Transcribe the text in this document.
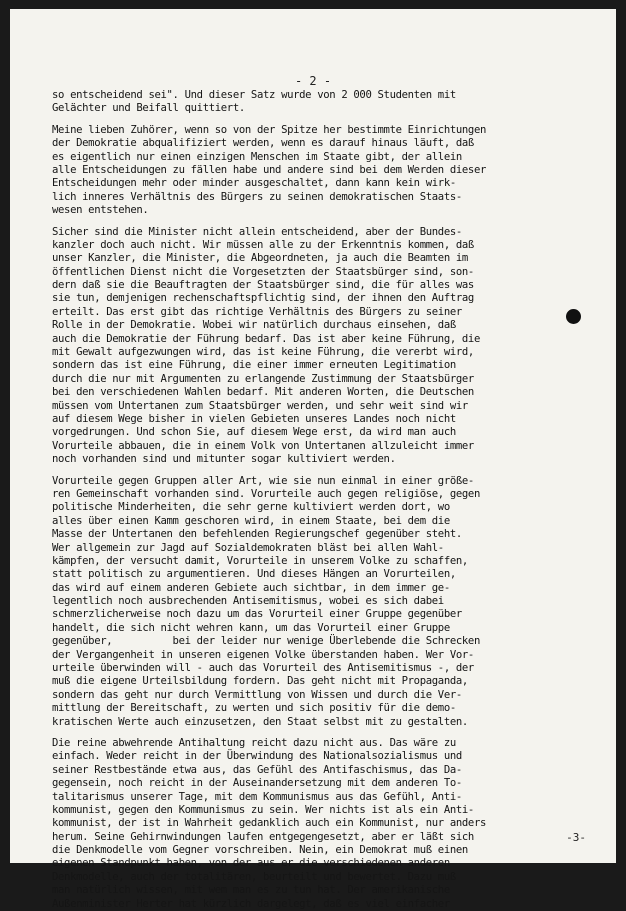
- 2 -

so entscheidend sei". Und dieser Satz wurde von 2 000 Studenten mit

Gelächter und Beifall quittiert.

Meine lieben Zuhörer, wenn so von der Spitze her bestimmte Einrichtungen

der Demokratie abqualifiziert werden, wenn es darauf hinaus läuft, daß

es eigentlich nur einen einzigen Menschen im Staate gibt, der allein

alle Entscheidungen zu fällen habe und andere sind bei dem Werden dieser

Entscheidungen mehr oder minder ausgeschaltet, dann kann kein wirk-

lich inneres Verhältnis des Bürgers zu seinen demokratischen Staats-

wesen entstehen.

Sicher sind die Minister nicht allein entscheidend, aber der Bundes-

kanzler doch auch nicht. Wir müssen alle zu der Erkenntnis kommen, daß

unser Kanzler, die Minister, die Abgeordneten, ja auch die Beamten im

öffentlichen Dienst nicht die Vorgesetzten der Staatsbürger sind, son-

dern daß sie die Beauftragten der Staatsbürger sind, die für alles was

sie tun, demjenigen rechenschaftspflichtig sind, der ihnen den Auftrag

erteilt. Das erst gibt das richtige Verhältnis des Bürgers zu seiner

Rolle in der Demokratie. Wobei wir natürlich durchaus einsehen, daß

auch die Demokratie der Führung bedarf. Das ist aber keine Führung, die

mit Gewalt aufgezwungen wird, das ist keine Führung, die vererbt wird,

sondern das ist eine Führung, die einer immer erneuten Legitimation

durch die nur mit Argumenten zu erlangende Zustimmung der Staatsbürger

bei den verschiedenen Wahlen bedarf. Mit anderen Worten, die Deutschen

müssen vom Untertanen zum Staatsbürger werden, und sehr weit sind wir

auf diesem Wege bisher in vielen Gebieten unseres Landes noch nicht

vorgedrungen. Und schon Sie, auf diesem Wege erst, da wird man auch

Vorurteile abbauen, die in einem Volk von Untertanen allzuleicht immer

noch vorhanden sind und mitunter sogar kultiviert werden.

Vorurteile gegen Gruppen aller Art, wie sie nun einmal in einer größe-

ren Gemeinschaft vorhanden sind. Vorurteile auch gegen religiöse, gegen

politische Minderheiten, die sehr gerne kultiviert werden dort, wo

alles über einen Kamm geschoren wird, in einem Staate, bei dem die

Masse der Untertanen den befehlenden Regierungschef gegenüber steht.

Wer allgemein zur Jagd auf Sozialdemokraten bläst bei allen Wahl-

kämpfen, der versucht damit, Vorurteile in unserem Volke zu schaffen,

statt politisch zu argumentieren. Und dieses Hängen an Vorurteilen,

das wird auf einem anderen Gebiete auch sichtbar, in dem immer ge-

legentlich noch ausbrechenden Antisemitismus, wobei es sich dabei

schmerzlicherweise noch dazu um das Vorurteil einer Gruppe gegenüber

handelt, die sich nicht wehren kann, um das Vorurteil einer Gruppe

gegenüber,          bei der leider nur wenige Überlebende die Schrecken

der Vergangenheit in unseren eigenen Volke überstanden haben. Wer Vor-

urteile überwinden will - auch das Vorurteil des Antisemitismus -, der

muß die eigene Urteilsbildung fordern. Das geht nicht mit Propaganda,

sondern das geht nur durch Vermittlung von Wissen und durch die Ver-

mittlung der Bereitschaft, zu werten und sich positiv für die demo-

kratischen Werte auch einzusetzen, den Staat selbst mit zu gestalten.

Die reine abwehrende Antihaltung reicht dazu nicht aus. Das wäre zu

einfach. Weder reicht in der Überwindung des Nationalsozialismus und

seiner Restbestände etwa aus, das Gefühl des Antifaschismus, das Da-

gegensein, noch reicht in der Auseinandersetzung mit dem anderen To-

talitarismus unserer Tage, mit dem Kommunismus aus das Gefühl, Anti-

kommunist, gegen den Kommunismus zu sein. Wer nichts ist als ein Anti-

kommunist, der ist in Wahrheit gedanklich auch ein Kommunist, nur anders

herum. Seine Gehirnwindungen laufen entgegengesetzt, aber er läßt sich

die Denkmodelle vom Gegner vorschreiben. Nein, ein Demokrat muß einen

eigenen Standpunkt haben, von der aus er die verschiedenen anderen

Denkmodelle, auch der totalitären, beurteilt und bewertet. Dazu muß

man natürlich wissen, mit wem man es zu tun hat. Der amerikanische

Außenminister Herter hat kürzlich dargelegt, daß es viel einfacher

-3-
